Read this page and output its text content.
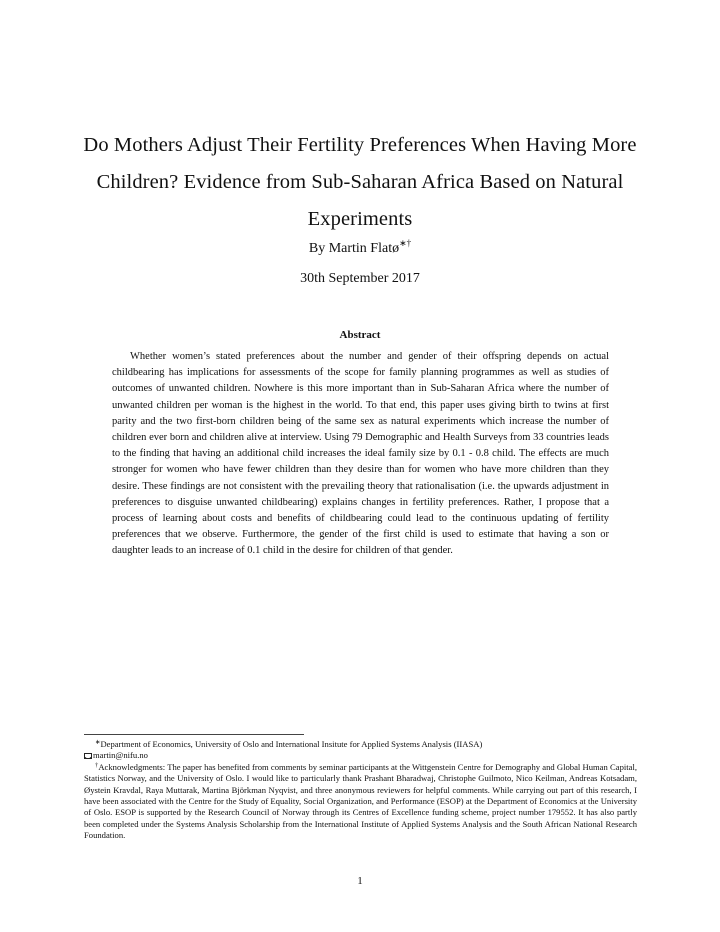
Do Mothers Adjust Their Fertility Preferences When Having More Children? Evidence from Sub-Saharan Africa Based on Natural Experiments
By Martin Flatø∗†
30th September 2017
Abstract
Whether women’s stated preferences about the number and gender of their offspring depends on actual childbearing has implications for assessments of the scope for family planning programmes as well as studies of outcomes of unwanted children. Nowhere is this more important than in Sub-Saharan Africa where the number of unwanted children per woman is the highest in the world. To that end, this paper uses giving birth to twins at first parity and the two first-born children being of the same sex as natural experiments which increase the number of children ever born and children alive at interview. Using 79 Demographic and Health Surveys from 33 countries leads to the finding that having an additional child increases the ideal family size by 0.1 - 0.8 child. The effects are much stronger for women who have fewer children than they desire than for women who have more children than they desire. These findings are not consistent with the prevailing theory that rationalisation (i.e. the upwards adjustment in preferences to disguise unwanted childbearing) explains changes in fertility preferences. Rather, I propose that a process of learning about costs and benefits of childbearing could lead to the continuous updating of fertility preferences that we observe. Furthermore, the gender of the first child is used to estimate that having a son or daughter leads to an increase of 0.1 child in the desire for children of that gender.

∗Department of Economics, University of Oslo and International Insitute for Applied Systems Analysis (IIASA)

martin@nifu.no

†Acknowledgments: The paper has benefited from comments by seminar participants at the Wittgenstein Centre for Demography and Global Human Capital, Statistics Norway, and the University of Oslo. I would like to particularly thank Prashant Bharadwaj, Christophe Guilmoto, Nico Keilman, Andreas Kotsadam, Øystein Kravdal, Raya Muttarak, Martina Björkman Nyqvist, and three anonymous reviewers for helpful comments. While carrying out part of this research, I have been associated with the Centre for the Study of Equality, Social Organization, and Performance (ESOP) at the Department of Economics at the University of Oslo. ESOP is supported by the Research Council of Norway through its Centres of Excellence funding scheme, project number 179552. It has also partly been completed under the Systems Analysis Scholarship from the International Institute of Applied Systems Analysis and the South African National Research Foundation.

1
